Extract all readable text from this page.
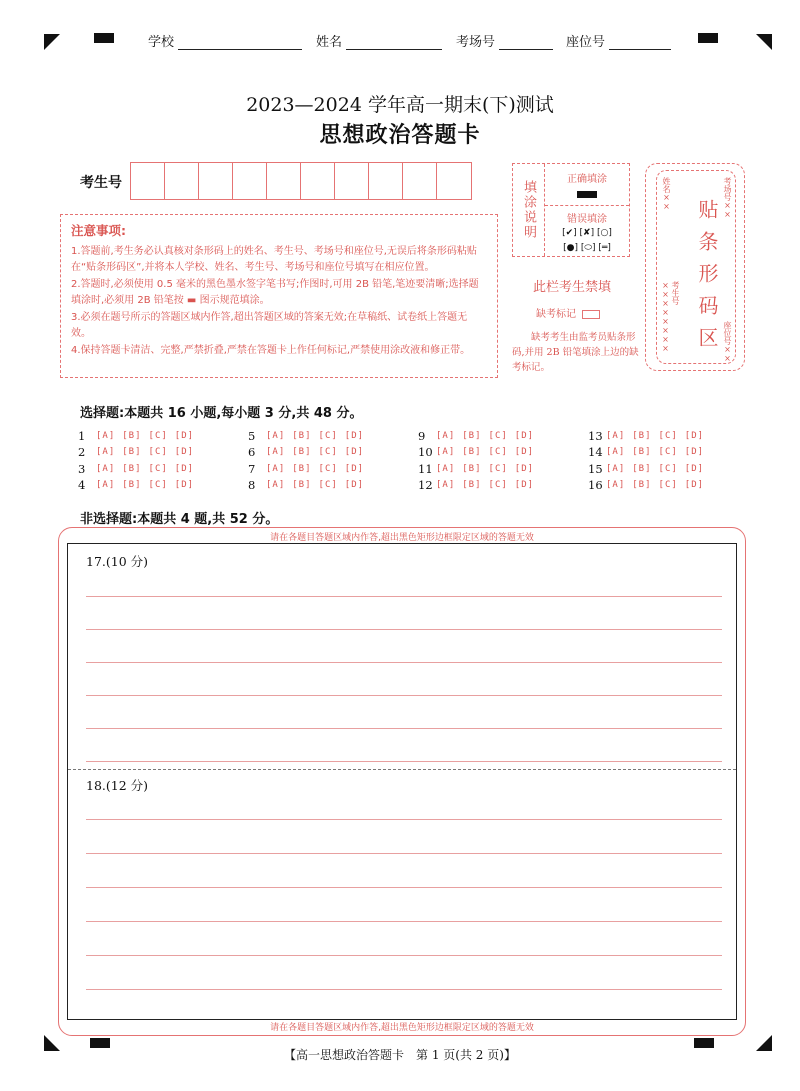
学校	姓名	考场号	座位号
2023—2024 学年高一期末(下)测试
思想政治答题卡
考生号
注意事项:

1.答题前,考生务必认真核对条形码上的姓名、考生号、考场号和座位号,无误后将条形码粘贴在“贴条形码区”,并将本人学校、姓名、考生号、考场号和座位号填写在相应位置。

2.答题时,必须使用 0.5 毫米的黑色墨水签字笔书写;作图时,可用 2B 铅笔,笔迹要清晰;选择题填涂时,必须用 2B 铅笔按 ▬ 图示规范填涂。

3.必须在题号所示的答题区域内作答,超出答题区域的答案无效;在草稿纸、试卷纸上答题无效。

4.保持答题卡清洁、完整,严禁折叠,严禁在答题卡上作任何标记,严禁使用涂改液和修正带。

填涂说明
正确填涂
错误填涂
[✔] [✘] [○]
[●] [⬭] [═]
此栏考生禁填
缺考标记
缺考考生由监考员贴条形码,并用 2B 铅笔填涂上边的缺考标记。
姓名××	考场号××
贴条形码区
考生号××××××××	座位号××
选择题:本题共 16 小题,每小题 3 分,共 48 分。
1	[A] [B] [C] [D]	5	[A] [B] [C] [D]	9	[A] [B] [C] [D]	13 [A] [B] [C] [D]
2	[A] [B] [C] [D]	6	[A] [B] [C] [D]	10 [A] [B] [C] [D]	14 [A] [B] [C] [D]
3	[A] [B] [C] [D]	7	[A] [B] [C] [D]	11 [A] [B] [C] [D]	15 [A] [B] [C] [D]
4	[A] [B] [C] [D]	8	[A] [B] [C] [D]	12 [A] [B] [C] [D]	16 [A] [B] [C] [D]
非选择题:本题共 4 题,共 52 分。
请在各题目答题区域内作答,超出黑色矩形边框限定区域的答题无效
17.(10 分)
18.(12 分)
请在各题目答题区域内作答,超出黑色矩形边框限定区域的答题无效
【高一思想政治答题卡　第 1 页(共 2 页)】
